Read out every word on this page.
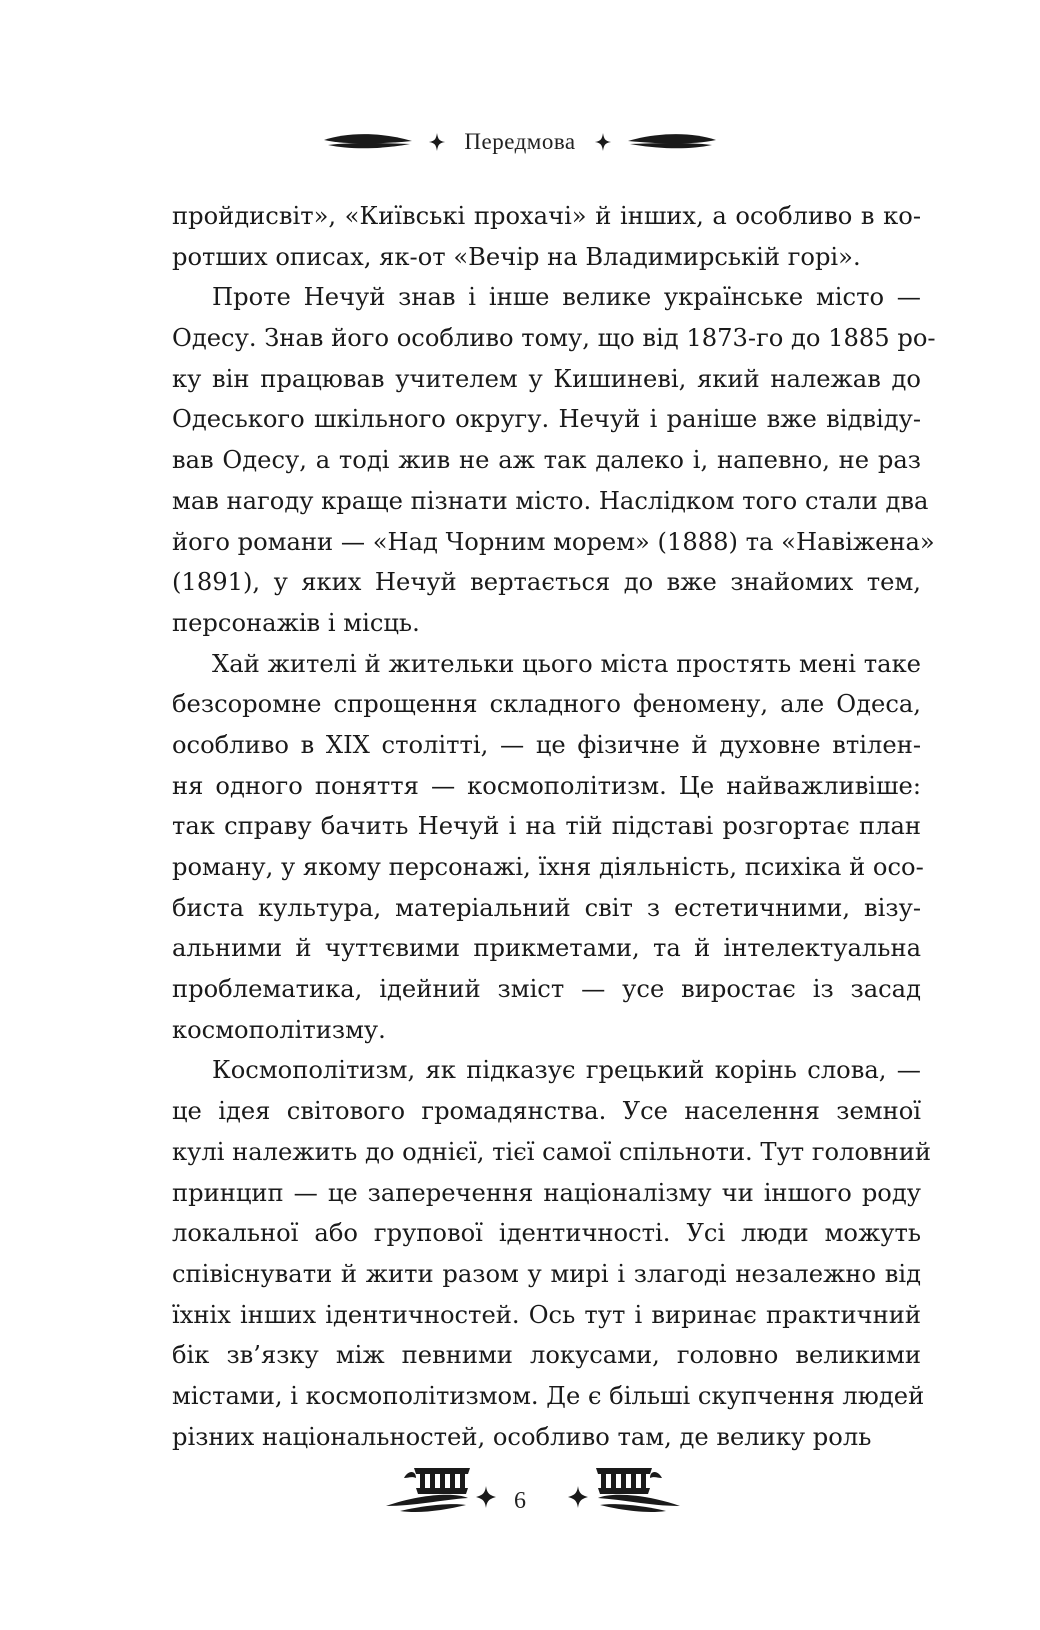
Передмова
пройдисвіт», «Київські прохачі» й інших, а особливо в ко-
ротших описах, як-от «Вечір на Владимирській горі».
Проте Нечуй знав і інше велике українське місто —
Одесу. Знав його особливо тому, що від 1873-го до 1885 ро-
ку він працював учителем у Кишиневі, який належав до
Одеського шкільного округу. Нечуй і раніше вже відвіду-
вав Одесу, а тоді жив не аж так далеко і, напевно, не раз
мав нагоду краще пізнати місто. Наслідком того стали два
його романи — «Над Чорним морем» (1888) та «Навіжена»
(1891), у яких Нечуй вертається до вже знайомих тем,
персонажів і місць.
Хай жителі й жительки цього міста простять мені таке
безсоромне спрощення складного феномену, але Одеса,
особливо в XIX столітті, — це фізичне й духовне втілен-
ня одного поняття — космополітизм. Це найважливіше:
так справу бачить Нечуй і на тій підставі розгортає план
роману, у якому персонажі, їхня діяльність, психіка й осо-
биста культура, матеріальний світ з естетичними, візу-
альними й чуттєвими прикметами, та й інтелектуальна
проблематика, ідейний зміст — усе виростає із засад
космополітизму.
Космополітизм, як підказує грецький корінь слова, —
це ідея світового громадянства. Усе населення земної
кулі належить до однієї, тієї самої спільноти. Тут головний
принцип — це заперечення націоналізму чи іншого роду
локальної або групової ідентичності. Усі люди можуть
співіснувати й жити разом у мирі і злагоді незалежно від
їхніх інших ідентичностей. Ось тут і виринає практичний
бік зв’язку між певними локусами, головно великими
містами, і космополітизмом. Де є більші скупчення людей
різних національностей, особливо там, де велику роль
6
